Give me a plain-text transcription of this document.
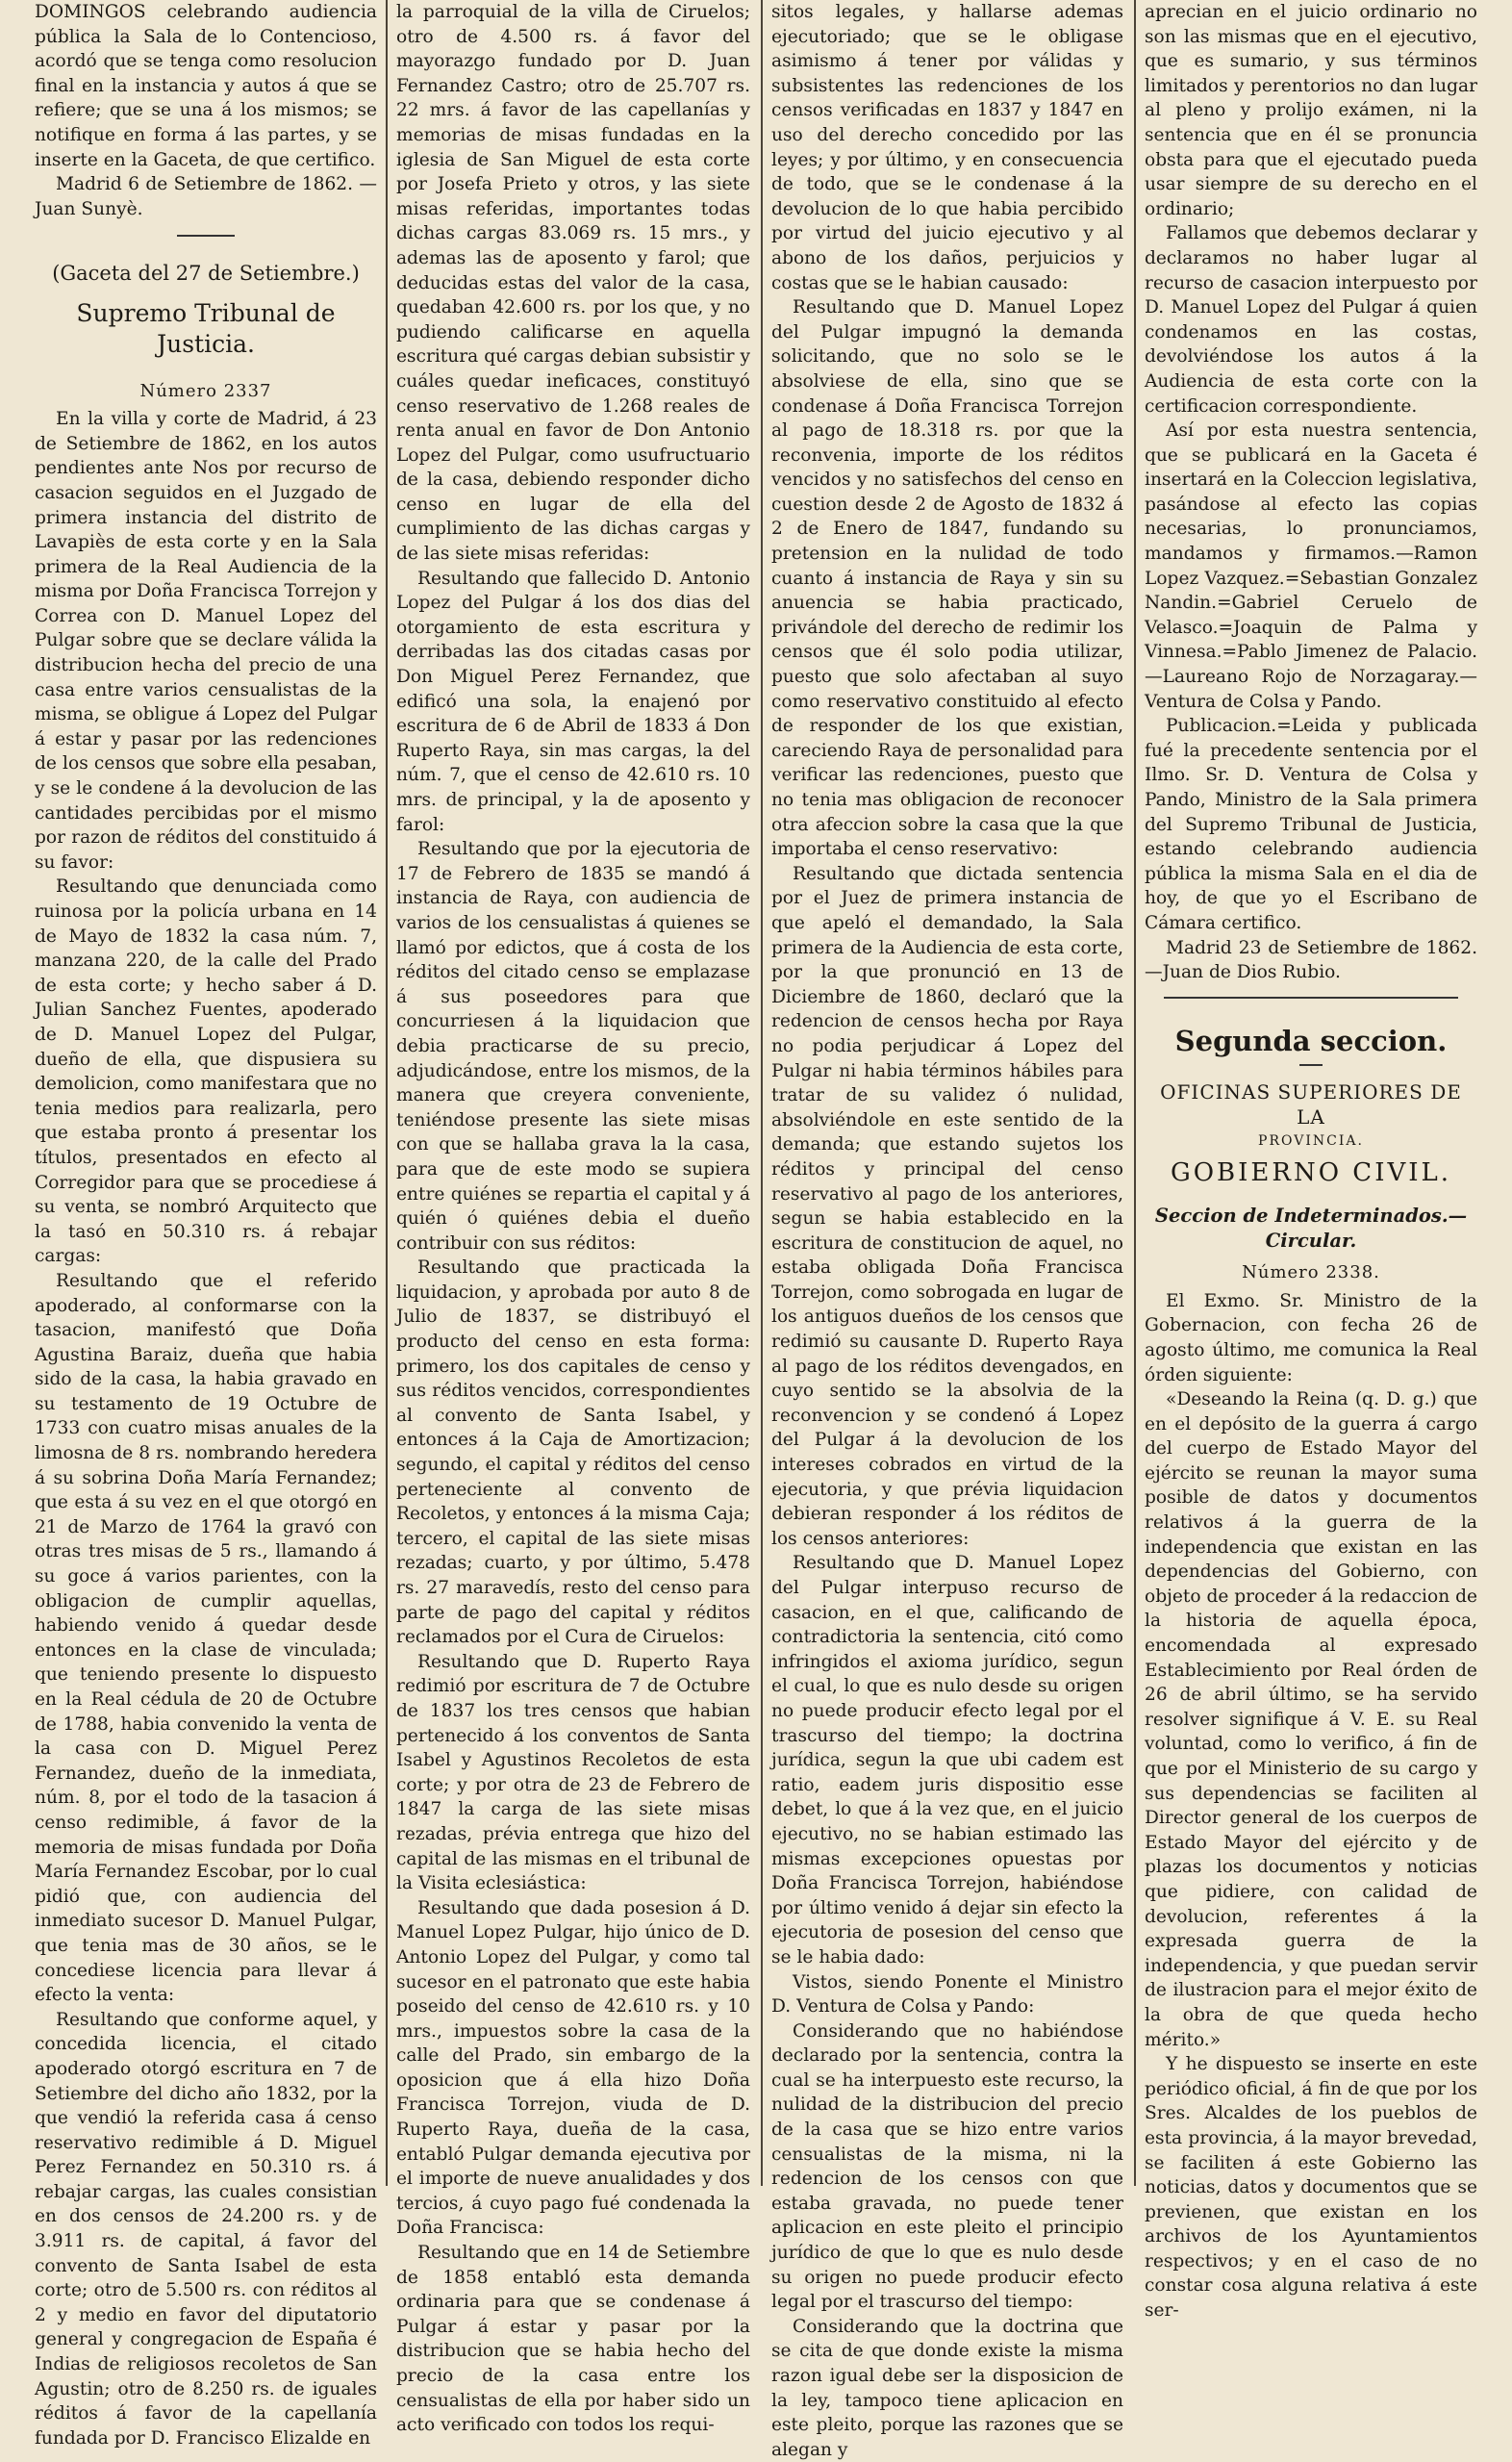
DOMINGOS celebrando audiencia pública la Sala de lo Contencioso, acordó que se tenga como resolucion final en la instancia y autos á que se refiere; que se una á los mismos; se notifique en forma á las partes, y se inserte en la Gaceta, de que certifico.

Madrid 6 de Setiembre de 1862. —Juan Sunyè.

(Gaceta del 27 de Setiembre.)
Supremo Tribunal de Justicia.
Número 2337

En la villa y corte de Madrid, á 23 de Setiembre de 1862, en los autos pendientes ante Nos por recurso de casacion seguidos en el Juzgado de primera instancia del distrito de Lavapiès de esta corte y en la Sala primera de la Real Audiencia de la misma por Doña Francisca Torrejon y Correa con D. Manuel Lopez del Pulgar sobre que se declare válida la distribucion hecha del precio de una casa entre varios censualistas de la misma, se obligue á Lopez del Pulgar á estar y pasar por las redenciones de los censos que sobre ella pesaban, y se le condene á la devolucion de las cantidades percibidas por el mismo por razon de réditos del constituido á su favor:

Resultando que denunciada como ruinosa por la policía urbana en 14 de Mayo de 1832 la casa núm. 7, manzana 220, de la calle del Prado de esta corte; y hecho saber á D. Julian Sanchez Fuentes, apoderado de D. Manuel Lopez del Pulgar, dueño de ella, que dispusiera su demolicion, como manifestara que no tenia medios para realizarla, pero que estaba pronto á presentar los títulos, presentados en efecto al Corregidor para que se procediese á su venta, se nombró Arquitecto que la tasó en 50.310 rs. á rebajar cargas:

Resultando que el referido apoderado, al conformarse con la tasacion, manifestó que Doña Agustina Baraiz, dueña que habia sido de la casa, la habia gravado en su testamento de 19 Octubre de 1733 con cuatro misas anuales de la limosna de 8 rs. nombrando heredera á su sobrina Doña María Fernandez; que esta á su vez en el que otorgó en 21 de Marzo de 1764 la gravó con otras tres misas de 5 rs., llamando á su goce á varios parientes, con la obligacion de cumplir aquellas, habiendo venido á quedar desde entonces en la clase de vinculada; que teniendo presente lo dispuesto en la Real cédula de 20 de Octubre de 1788, habia convenido la venta de la casa con D. Miguel Perez Fernandez, dueño de la inmediata, núm. 8, por el todo de la tasacion á censo redimible, á favor de la memoria de misas fundada por Doña María Fernandez Escobar, por lo cual pidió que, con audiencia del inmediato sucesor D. Manuel Pulgar, que tenia mas de 30 años, se le concediese licencia para llevar á efecto la venta:

Resultando que conforme aquel, y concedida licencia, el citado apoderado otorgó escritura en 7 de Setiembre del dicho año 1832, por la que vendió la referida casa á censo reservativo redimible á D. Miguel Perez Fernandez en 50.310 rs. á rebajar cargas, las cuales consistian en dos censos de 24.200 rs. y de 3.911 rs. de capital, á favor del convento de Santa Isabel de esta corte; otro de 5.500 rs. con réditos al 2 y medio en favor del diputatorio general y congregacion de España é Indias de religiosos recoletos de San Agustin; otro de 8.250 rs. de iguales réditos á favor de la capellanía fundada por D. Francisco Elizalde en

la parroquial de la villa de Ciruelos; otro de 4.500 rs. á favor del mayorazgo fundado por D. Juan Fernandez Castro; otro de 25.707 rs. 22 mrs. á favor de las capellanías y memorias de misas fundadas en la iglesia de San Miguel de esta corte por Josefa Prieto y otros, y las siete misas referidas, importantes todas dichas cargas 83.069 rs. 15 mrs., y ademas las de aposento y farol; que deducidas estas del valor de la casa, quedaban 42.600 rs. por los que, y no pudiendo calificarse en aquella escritura qué cargas debian subsistir y cuáles quedar ineficaces, constituyó censo reservativo de 1.268 reales de renta anual en favor de Don Antonio Lopez del Pulgar, como usufructuario de la casa, debiendo responder dicho censo en lugar de ella del cumplimiento de las dichas cargas y de las siete misas referidas:

Resultando que fallecido D. Antonio Lopez del Pulgar á los dos dias del otorgamiento de esta escritura y derribadas las dos citadas casas por Don Miguel Perez Fernandez, que edificó una sola, la enajenó por escritura de 6 de Abril de 1833 á Don Ruperto Raya, sin mas cargas, la del núm. 7, que el censo de 42.610 rs. 10 mrs. de principal, y la de aposento y farol:

Resultando que por la ejecutoria de 17 de Febrero de 1835 se mandó á instancia de Raya, con audiencia de varios de los censualistas á quienes se llamó por edictos, que á costa de los réditos del citado censo se emplazase á sus poseedores para que concurriesen á la liquidacion que debia practicarse de su precio, adjudicándose, entre los mismos, de la manera que creyera conveniente, teniéndose presente las siete misas con que se hallaba grava la la casa, para que de este modo se supiera entre quiénes se repartia el capital y á quién ó quiénes debia el dueño contribuir con sus réditos:

Resultando que practicada la liquidacion, y aprobada por auto 8 de Julio de 1837, se distribuyó el producto del censo en esta forma: primero, los dos capitales de censo y sus réditos vencidos, correspondientes al convento de Santa Isabel, y entonces á la Caja de Amortizacion; segundo, el capital y réditos del censo perteneciente al convento de Recoletos, y entonces á la misma Caja; tercero, el capital de las siete misas rezadas; cuarto, y por último, 5.478 rs. 27 maravedís, resto del censo para parte de pago del capital y réditos reclamados por el Cura de Ciruelos:

Resultando que D. Ruperto Raya redimió por escritura de 7 de Octubre de 1837 los tres censos que habian pertenecido á los conventos de Santa Isabel y Agustinos Recoletos de esta corte; y por otra de 23 de Febrero de 1847 la carga de las siete misas rezadas, prévia entrega que hizo del capital de las mismas en el tribunal de la Visita eclesiástica:

Resultando que dada posesion á D. Manuel Lopez Pulgar, hijo único de D. Antonio Lopez del Pulgar, y como tal sucesor en el patronato que este habia poseido del censo de 42.610 rs. y 10 mrs., impuestos sobre la casa de la calle del Prado, sin embargo de la oposicion que á ella hizo Doña Francisca Torrejon, viuda de D. Ruperto Raya, dueña de la casa, entabló Pulgar demanda ejecutiva por el importe de nueve anualidades y dos tercios, á cuyo pago fué condenada la Doña Francisca:

Resultando que en 14 de Setiembre de 1858 entabló esta demanda ordinaria para que se condenase á Pulgar á estar y pasar por la distribucion que se habia hecho del precio de la casa entre los censualistas de ella por haber sido un acto verificado con todos los requi-

sitos legales, y hallarse ademas ejecutoriado; que se le obligase asimismo á tener por válidas y subsistentes las redenciones de los censos verificadas en 1837 y 1847 en uso del derecho concedido por las leyes; y por último, y en consecuencia de todo, que se le condenase á la devolucion de lo que habia percibido por virtud del juicio ejecutivo y al abono de los daños, perjuicios y costas que se le habian causado:

Resultando que D. Manuel Lopez del Pulgar impugnó la demanda solicitando, que no solo se le absolviese de ella, sino que se condenase á Doña Francisca Torrejon al pago de 18.318 rs. por que la reconvenia, importe de los réditos vencidos y no satisfechos del censo en cuestion desde 2 de Agosto de 1832 á 2 de Enero de 1847, fundando su pretension en la nulidad de todo cuanto á instancia de Raya y sin su anuencia se habia practicado, privándole del derecho de redimir los censos que él solo podia utilizar, puesto que solo afectaban al suyo como reservativo constituido al efecto de responder de los que existian, careciendo Raya de personalidad para verificar las redenciones, puesto que no tenia mas obligacion de reconocer otra afeccion sobre la casa que la que importaba el censo reservativo:

Resultando que dictada sentencia por el Juez de primera instancia de que apeló el demandado, la Sala primera de la Audiencia de esta corte, por la que pronunció en 13 de Diciembre de 1860, declaró que la redencion de censos hecha por Raya no podia perjudicar á Lopez del Pulgar ni habia términos hábiles para tratar de su validez ó nulidad, absolviéndole en este sentido de la demanda; que estando sujetos los réditos y principal del censo reservativo al pago de los anteriores, segun se habia establecido en la escritura de constitucion de aquel, no estaba obligada Doña Francisca Torrejon, como sobrogada en lugar de los antiguos dueños de los censos que redimió su causante D. Ruperto Raya al pago de los réditos devengados, en cuyo sentido se la absolvia de la reconvencion y se condenó á Lopez del Pulgar á la devolucion de los intereses cobrados en virtud de la ejecutoria, y que prévia liquidacion debieran responder á los réditos de los censos anteriores:

Resultando que D. Manuel Lopez del Pulgar interpuso recurso de casacion, en el que, calificando de contradictoria la sentencia, citó como infringidos el axioma jurídico, segun el cual, lo que es nulo desde su origen no puede producir efecto legal por el trascurso del tiempo; la doctrina jurídica, segun la que ubi cadem est ratio, eadem juris dispositio esse debet, lo que á la vez que, en el juicio ejecutivo, no se habian estimado las mismas excepciones opuestas por Doña Francisca Torrejon, habiéndose por último venido á dejar sin efecto la ejecutoria de posesion del censo que se le habia dado:

Vistos, siendo Ponente el Ministro D. Ventura de Colsa y Pando:

Considerando que no habiéndose declarado por la sentencia, contra la cual se ha interpuesto este recurso, la nulidad de la distribucion del precio de la casa que se hizo entre varios censualistas de la misma, ni la redencion de los censos con que estaba gravada, no puede tener aplicacion en este pleito el principio jurídico de que lo que es nulo desde su origen no puede producir efecto legal por el trascurso del tiempo:

Considerando que la doctrina que se cita de que donde existe la misma razon igual debe ser la disposicion de la ley, tampoco tiene aplicacion en este pleito, porque las razones que se alegan y

aprecian en el juicio ordinario no son las mismas que en el ejecutivo, que es sumario, y sus términos limitados y perentorios no dan lugar al pleno y prolijo exámen, ni la sentencia que en él se pronuncia obsta para que el ejecutado pueda usar siempre de su derecho en el ordinario;

Fallamos que debemos declarar y declaramos no haber lugar al recurso de casacion interpuesto por D. Manuel Lopez del Pulgar á quien condenamos en las costas, devolviéndose los autos á la Audiencia de esta corte con la certificacion correspondiente.

Así por esta nuestra sentencia, que se publicará en la Gaceta é insertará en la Coleccion legislativa, pasándose al efecto las copias necesarias, lo pronunciamos, mandamos y firmamos.—Ramon Lopez Vazquez.=Sebastian Gonzalez Nandin.=Gabriel Ceruelo de Velasco.=Joaquin de Palma y Vinnesa.=Pablo Jimenez de Palacio.—Laureano Rojo de Norzagaray.—Ventura de Colsa y Pando.

Publicacion.=Leida y publicada fué la precedente sentencia por el Ilmo. Sr. D. Ventura de Colsa y Pando, Ministro de la Sala primera del Supremo Tribunal de Justicia, estando celebrando audiencia pública la misma Sala en el dia de hoy, de que yo el Escribano de Cámara certifico.

Madrid 23 de Setiembre de 1862. —Juan de Dios Rubio.

Segunda seccion.
OFICINAS SUPERIORES DE LA
PROVINCIA.
GOBIERNO CIVIL.
Seccion de Indeterminados.—Circular.
Número 2338.

El Exmo. Sr. Ministro de la Gobernacion, con fecha 26 de agosto último, me comunica la Real órden siguiente:

«Deseando la Reina (q. D. g.) que en el depósito de la guerra á cargo del cuerpo de Estado Mayor del ejército se reunan la mayor suma posible de datos y documentos relativos á la guerra de la independencia que existan en las dependencias del Gobierno, con objeto de proceder á la redaccion de la historia de aquella época, encomendada al expresado Establecimiento por Real órden de 26 de abril último, se ha servido resolver signifique á V. E. su Real voluntad, como lo verifico, á fin de que por el Ministerio de su cargo y sus dependencias se faciliten al Director general de los cuerpos de Estado Mayor del ejército y de plazas los documentos y noticias que pidiere, con calidad de devolucion, referentes á la expresada guerra de la independencia, y que puedan servir de ilustracion para el mejor éxito de la obra de que queda hecho mérito.»

Y he dispuesto se inserte en este periódico oficial, á fin de que por los Sres. Alcaldes de los pueblos de esta provincia, á la mayor brevedad, se faciliten á este Gobierno las noticias, datos y documentos que se previenen, que existan en los archivos de los Ayuntamientos respectivos; y en el caso de no constar cosa alguna relativa á este ser-
